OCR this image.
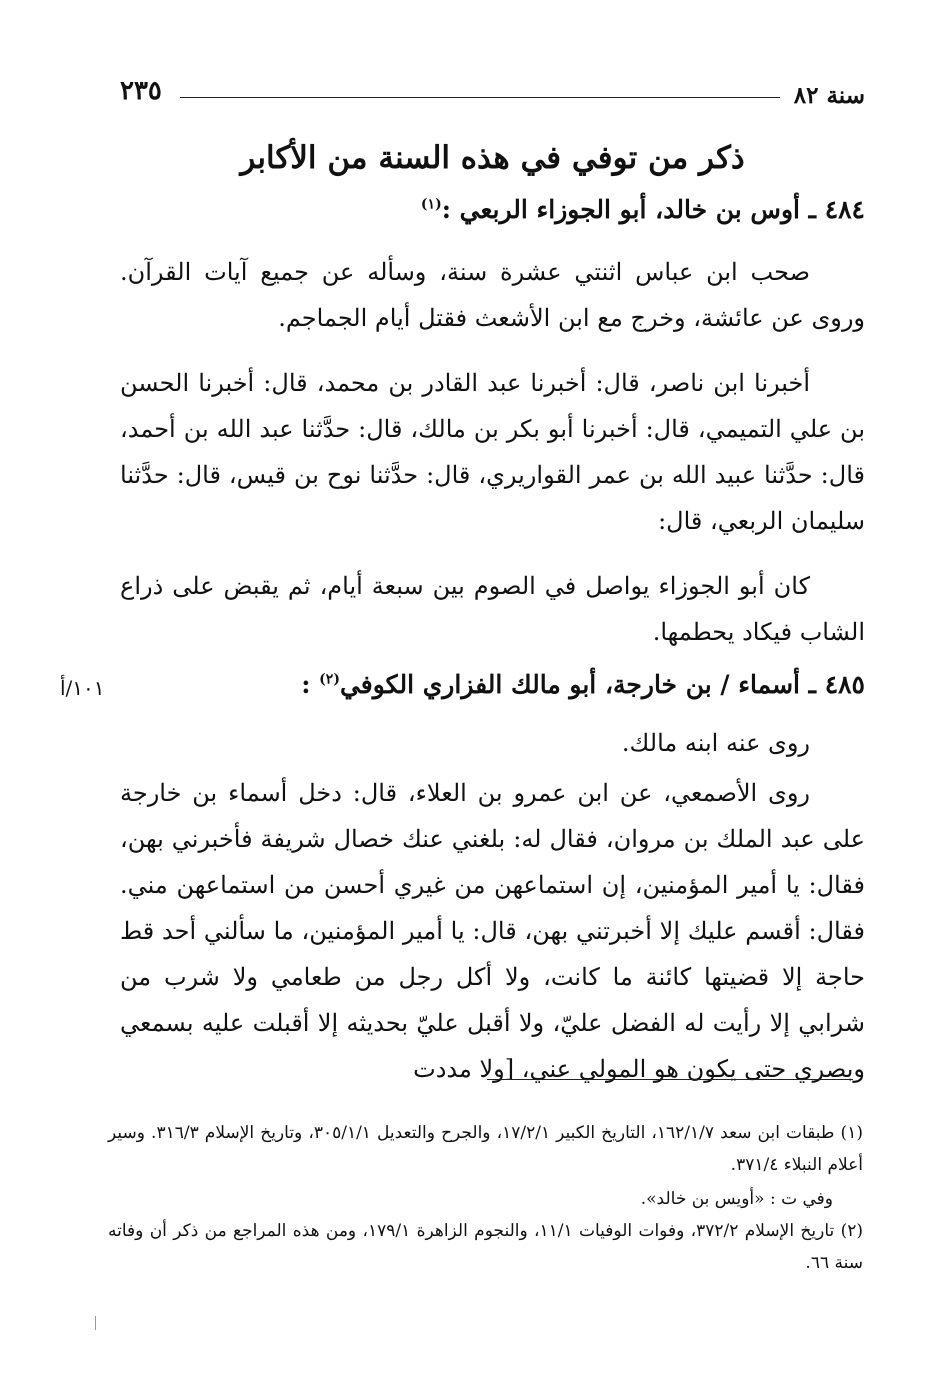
سنة ٨٢
٢٣٥
ذكر من توفي في هذه السنة من الأكابر
٤٨٤ ـ أوس بن خالد، أبو الجوزاء الربعي :$^{(١)}$
صحب ابن عباس اثنتي عشرة سنة، وسأله عن جميع آيات القرآن. وروى عن عائشة، وخرج مع ابن الأشعث فقتل أيام الجماجم.
أخبرنا ابن ناصر، قال: أخبرنا عبد القادر بن محمد، قال: أخبرنا الحسن بن علي التميمي، قال: أخبرنا أبو بكر بن مالك، قال: حدَّثنا عبد الله بن أحمد، قال: حدَّثنا عبيد الله بن عمر القواريري، قال: حدَّثنا نوح بن قيس، قال: حدَّثنا سليمان الربعي، قال:
كان أبو الجوزاء يواصل في الصوم بين سبعة أيام، ثم يقبض على ذراع الشاب فيكاد يحطمها.
١٠١/أ	٤٨٥ ـ أسماء / بن خارجة، أبو مالك الفزاري الكوفي$^{(٢)}$ :
روى عنه ابنه مالك.
روى الأصمعي، عن ابن عمرو بن العلاء، قال: دخل أسماء بن خارجة على عبد الملك بن مروان، فقال له: بلغني عنك خصال شريفة فأخبرني بهن، فقال: يا أمير المؤمنين، إن استماعهن من غيري أحسن من استماعهن مني. فقال: أقسم عليك إلا أخبرتني بهن، قال: يا أمير المؤمنين، ما سألني أحد قط حاجة إلا قضيتها كائنة ما كانت، ولا أكل رجل من طعامي ولا شرب من شرابي إلا رأيت له الفضل عليّ، ولا أقبل عليّ بحديثه إلا أقبلت عليه بسمعي وبصري حتى يكون هو المولي عني، [ولا مددت
(١) طبقات ابن سعد ١٦٢/١/٧، التاريخ الكبير ١٧/٢/١، والجرح والتعديل ٣٠٥/١/١، وتاريخ الإسلام ٣١٦/٣. وسير أعلام النبلاء ٣٧١/٤.
وفي ت : «أويس بن خالد».
(٢) تاريخ الإسلام ٣٧٢/٢، وفوات الوفيات ١١/١، والنجوم الزاهرة ١٧٩/١، ومن هذه المراجع من ذكر أن وفاته سنة ٦٦.
